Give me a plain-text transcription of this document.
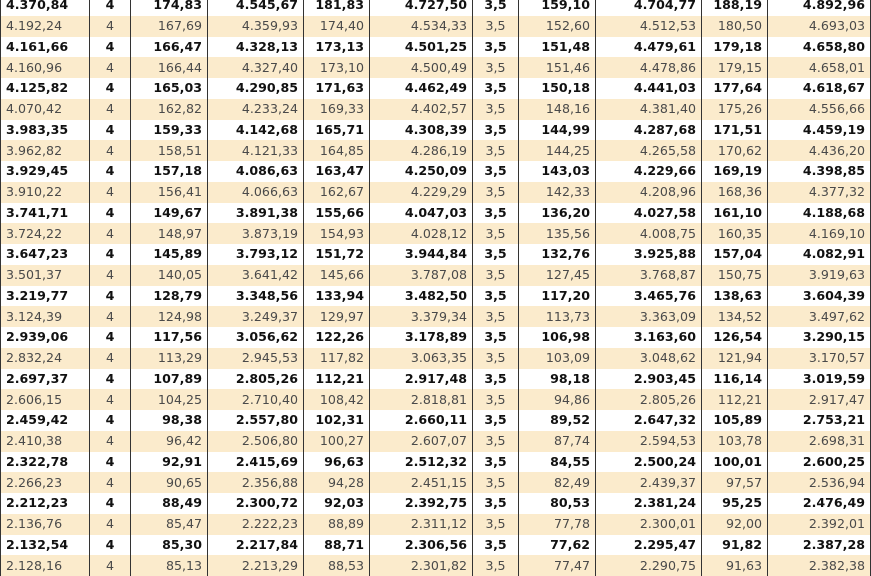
4.370,84	4	174,83	4.545,67	181,83	4.727,50	3,5	159,10	4.704,77	188,19	4.892,96
4.192,24	4	167,69	4.359,93	174,40	4.534,33	3,5	152,60	4.512,53	180,50	4.693,03
4.161,66	4	166,47	4.328,13	173,13	4.501,25	3,5	151,48	4.479,61	179,18	4.658,80
4.160,96	4	166,44	4.327,40	173,10	4.500,49	3,5	151,46	4.478,86	179,15	4.658,01
4.125,82	4	165,03	4.290,85	171,63	4.462,49	3,5	150,18	4.441,03	177,64	4.618,67
4.070,42	4	162,82	4.233,24	169,33	4.402,57	3,5	148,16	4.381,40	175,26	4.556,66
3.983,35	4	159,33	4.142,68	165,71	4.308,39	3,5	144,99	4.287,68	171,51	4.459,19
3.962,82	4	158,51	4.121,33	164,85	4.286,19	3,5	144,25	4.265,58	170,62	4.436,20
3.929,45	4	157,18	4.086,63	163,47	4.250,09	3,5	143,03	4.229,66	169,19	4.398,85
3.910,22	4	156,41	4.066,63	162,67	4.229,29	3,5	142,33	4.208,96	168,36	4.377,32
3.741,71	4	149,67	3.891,38	155,66	4.047,03	3,5	136,20	4.027,58	161,10	4.188,68
3.724,22	4	148,97	3.873,19	154,93	4.028,12	3,5	135,56	4.008,75	160,35	4.169,10
3.647,23	4	145,89	3.793,12	151,72	3.944,84	3,5	132,76	3.925,88	157,04	4.082,91
3.501,37	4	140,05	3.641,42	145,66	3.787,08	3,5	127,45	3.768,87	150,75	3.919,63
3.219,77	4	128,79	3.348,56	133,94	3.482,50	3,5	117,20	3.465,76	138,63	3.604,39
3.124,39	4	124,98	3.249,37	129,97	3.379,34	3,5	113,73	3.363,09	134,52	3.497,62
2.939,06	4	117,56	3.056,62	122,26	3.178,89	3,5	106,98	3.163,60	126,54	3.290,15
2.832,24	4	113,29	2.945,53	117,82	3.063,35	3,5	103,09	3.048,62	121,94	3.170,57
2.697,37	4	107,89	2.805,26	112,21	2.917,48	3,5	98,18	2.903,45	116,14	3.019,59
2.606,15	4	104,25	2.710,40	108,42	2.818,81	3,5	94,86	2.805,26	112,21	2.917,47
2.459,42	4	98,38	2.557,80	102,31	2.660,11	3,5	89,52	2.647,32	105,89	2.753,21
2.410,38	4	96,42	2.506,80	100,27	2.607,07	3,5	87,74	2.594,53	103,78	2.698,31
2.322,78	4	92,91	2.415,69	96,63	2.512,32	3,5	84,55	2.500,24	100,01	2.600,25
2.266,23	4	90,65	2.356,88	94,28	2.451,15	3,5	82,49	2.439,37	97,57	2.536,94
2.212,23	4	88,49	2.300,72	92,03	2.392,75	3,5	80,53	2.381,24	95,25	2.476,49
2.136,76	4	85,47	2.222,23	88,89	2.311,12	3,5	77,78	2.300,01	92,00	2.392,01
2.132,54	4	85,30	2.217,84	88,71	2.306,56	3,5	77,62	2.295,47	91,82	2.387,28
2.128,16	4	85,13	2.213,29	88,53	2.301,82	3,5	77,47	2.290,75	91,63	2.382,38
